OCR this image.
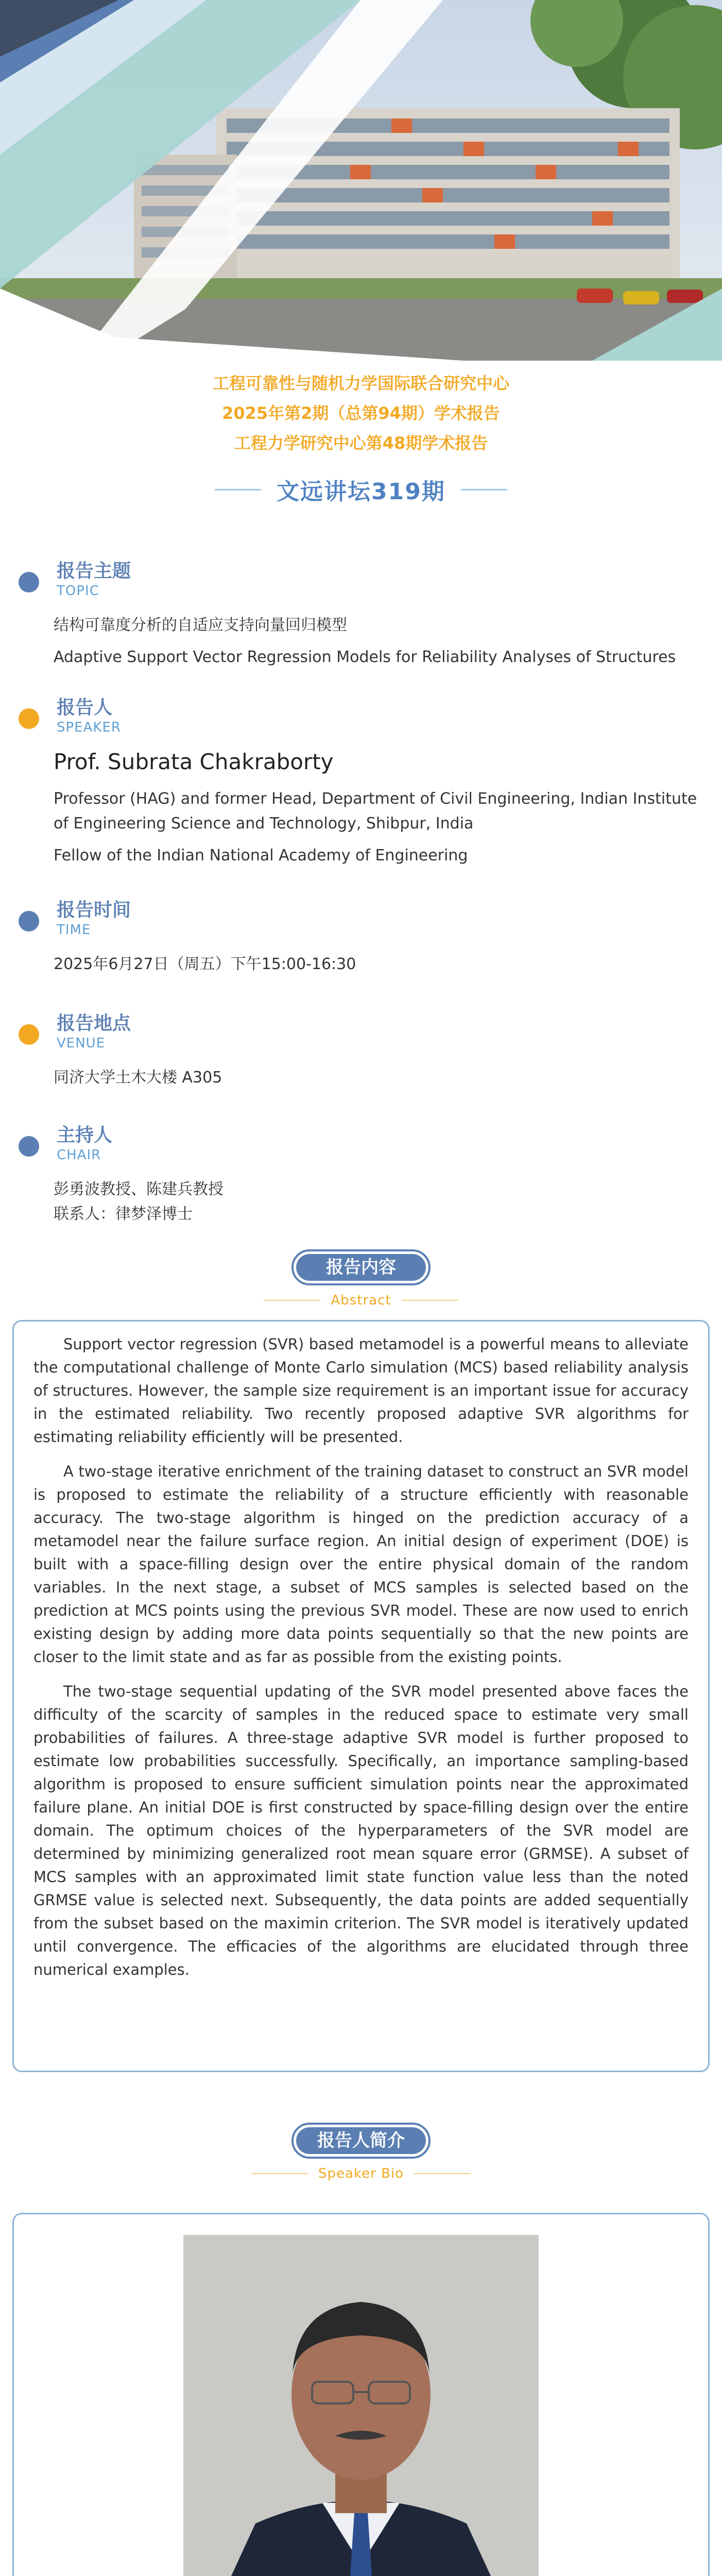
工程可靠性与随机力学国际联合研究中心
2025年第2期（总第94期）学术报告
工程力学研究中心第48期学术报告
文远讲坛319期
报告主题
TOPIC
结构可靠度分析的自适应支持向量回归模型
Adaptive Support Vector Regression Models for Reliability Analyses of Structures
报告人
SPEAKER
Prof. Subrata Chakraborty
Professor (HAG) and former Head, Department of Civil Engineering, Indian Institute of Engineering Science and Technology, Shibpur, India
Fellow of the Indian National Academy of Engineering
报告时间
TIME
2025年6月27日（周五）下午15:00-16:30
报告地点
VENUE
同济大学土木大楼 A305
主持人
CHAIR
彭勇波教授、陈建兵教授
联系人：律梦泽博士
报告内容
Abstract

Support vector regression (SVR) based metamodel is a powerful means to alleviate the computational challenge of Monte Carlo simulation (MCS) based reliability analysis of structures. However, the sample size requirement is an important issue for accuracy in the estimated reliability. Two recently proposed adaptive SVR algorithms for estimating reliability efficiently will be presented.

A two-stage iterative enrichment of the training dataset to construct an SVR model is proposed to estimate the reliability of a structure efficiently with reasonable accuracy. The two-stage algorithm is hinged on the prediction accuracy of a metamodel near the failure surface region. An initial design of experiment (DOE) is built with a space-filling design over the entire physical domain of the random variables. In the next stage, a subset of MCS samples is selected based on the prediction at MCS points using the previous SVR model. These are now used to enrich existing design by adding more data points sequentially so that the new points are closer to the limit state and as far as possible from the existing points.

The two-stage sequential updating of the SVR model presented above faces the difficulty of the scarcity of samples in the reduced space to estimate very small probabilities of failures. A three-stage adaptive SVR model is further proposed to estimate low probabilities successfully. Specifically, an importance sampling-based algorithm is proposed to ensure sufficient simulation points near the approximated failure plane. An initial DOE is first constructed by space-filling design over the entire domain. The optimum choices of the hyperparameters of the SVR model are determined by minimizing generalized root mean square error (GRMSE). A subset of MCS samples with an approximated limit state function value less than the noted GRMSE value is selected next. Subsequently, the data points are added sequentially from the subset based on the maximin criterion. The SVR model is iteratively updated until convergence. The efficacies of the algorithms are elucidated through three numerical examples.

报告人简介
Speaker Bio
